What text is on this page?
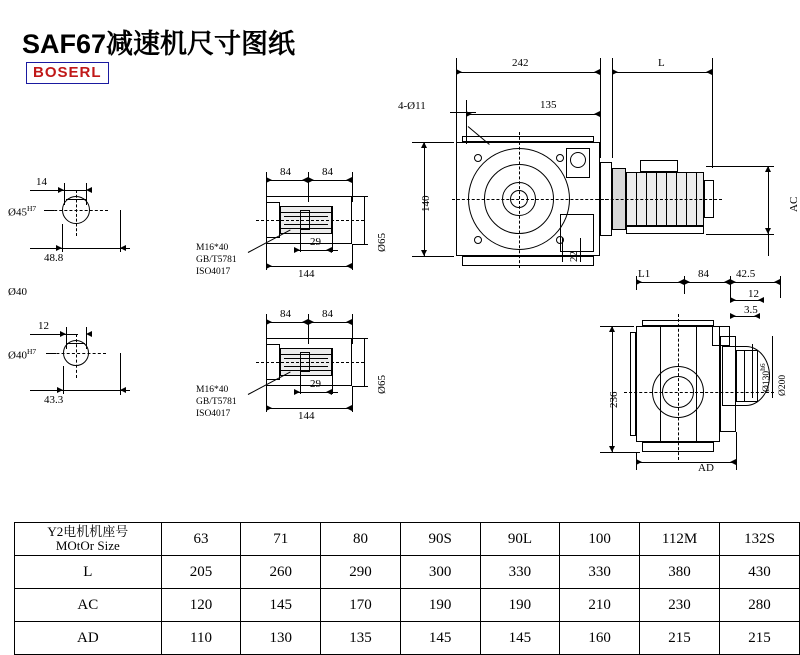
SAF67减速机尺寸图纸
BOSERL
14
$Ø45^{H7}$
48.8
Ø40
12
$Ø40^{H7}$
43.3
84	84
M16*40
GB/T5781
ISO4017
29
144
Ø65
84	84
M16*40
GB/T5781
ISO4017
29
144
Ø65
242	L
135
4-Ø11
140	AC
22
L1	84 42.5
12
3.5
236
$Ø130^{h6}$
Ø200
AD
Y2电机机座号
MOtOr Size	63	71	80	90S	90L	100	112M	132S
L	205	260	290	300	330	330	380	430
AC	120	145	170	190	190	210	230	280
AD	110	130	135	145	145	160	215	215
